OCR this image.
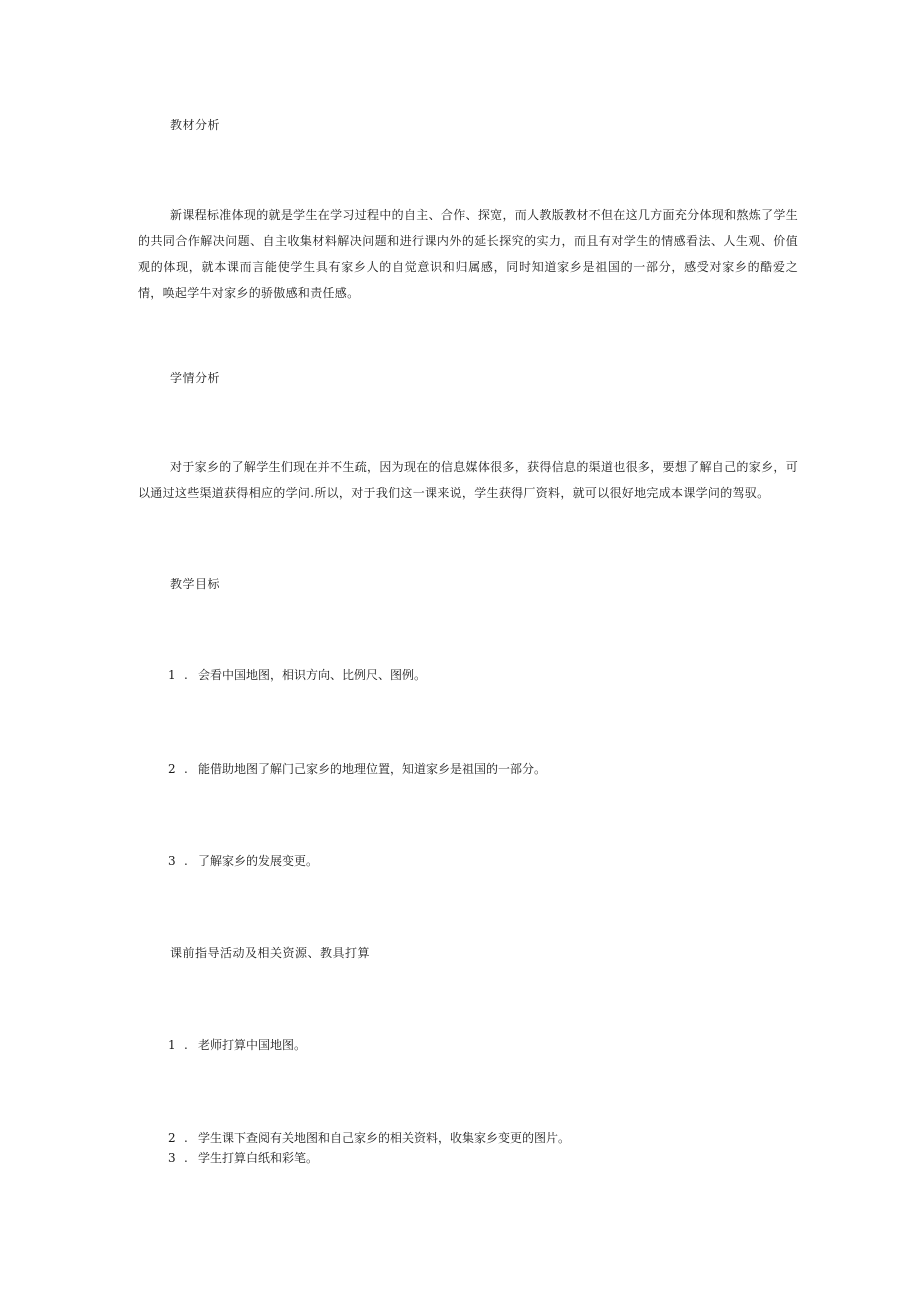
教材分析

新课程标准体现的就是学生在学习过程中的自主、合作、探宽，而人教版教材不但在这几方面充分体现和熬炼了学生的共同合作解决问题、自主收集材料解决问题和进行课内外的延长探究的实力，而且有对学生的情感看法、人生观、价值观的体现，就本课而言能使学生具有家乡人的自觉意识和归属感，同时知道家乡是祖国的一部分，感受对家乡的酷爱之情，唤起学牛对家乡的骄傲感和责任感。

学情分析

对于家乡的了解学生们现在并不生疏，因为现在的信息媒体很多，获得信息的渠道也很多，要想了解自己的家乡，可以通过这些渠道获得相应的学问.所以，对于我们这一课来说，学生获得厂资料，就可以很好地完成本课学问的驾驭。

教学目标

1 . 会看中国地图，相识方向、比例尺、图例。

2 . 能借助地图了解门己家乡的地理位置，知道家乡是祖国的一部分。

3 . 了解家乡的发展变更。

课前指导活动及相关资源、教具打算

1 . 老师打算中国地图。

2 . 学生课下查阅有关地图和自己家乡的相关资料，收集家乡变更的图片。

3 . 学生打算白纸和彩笔。
